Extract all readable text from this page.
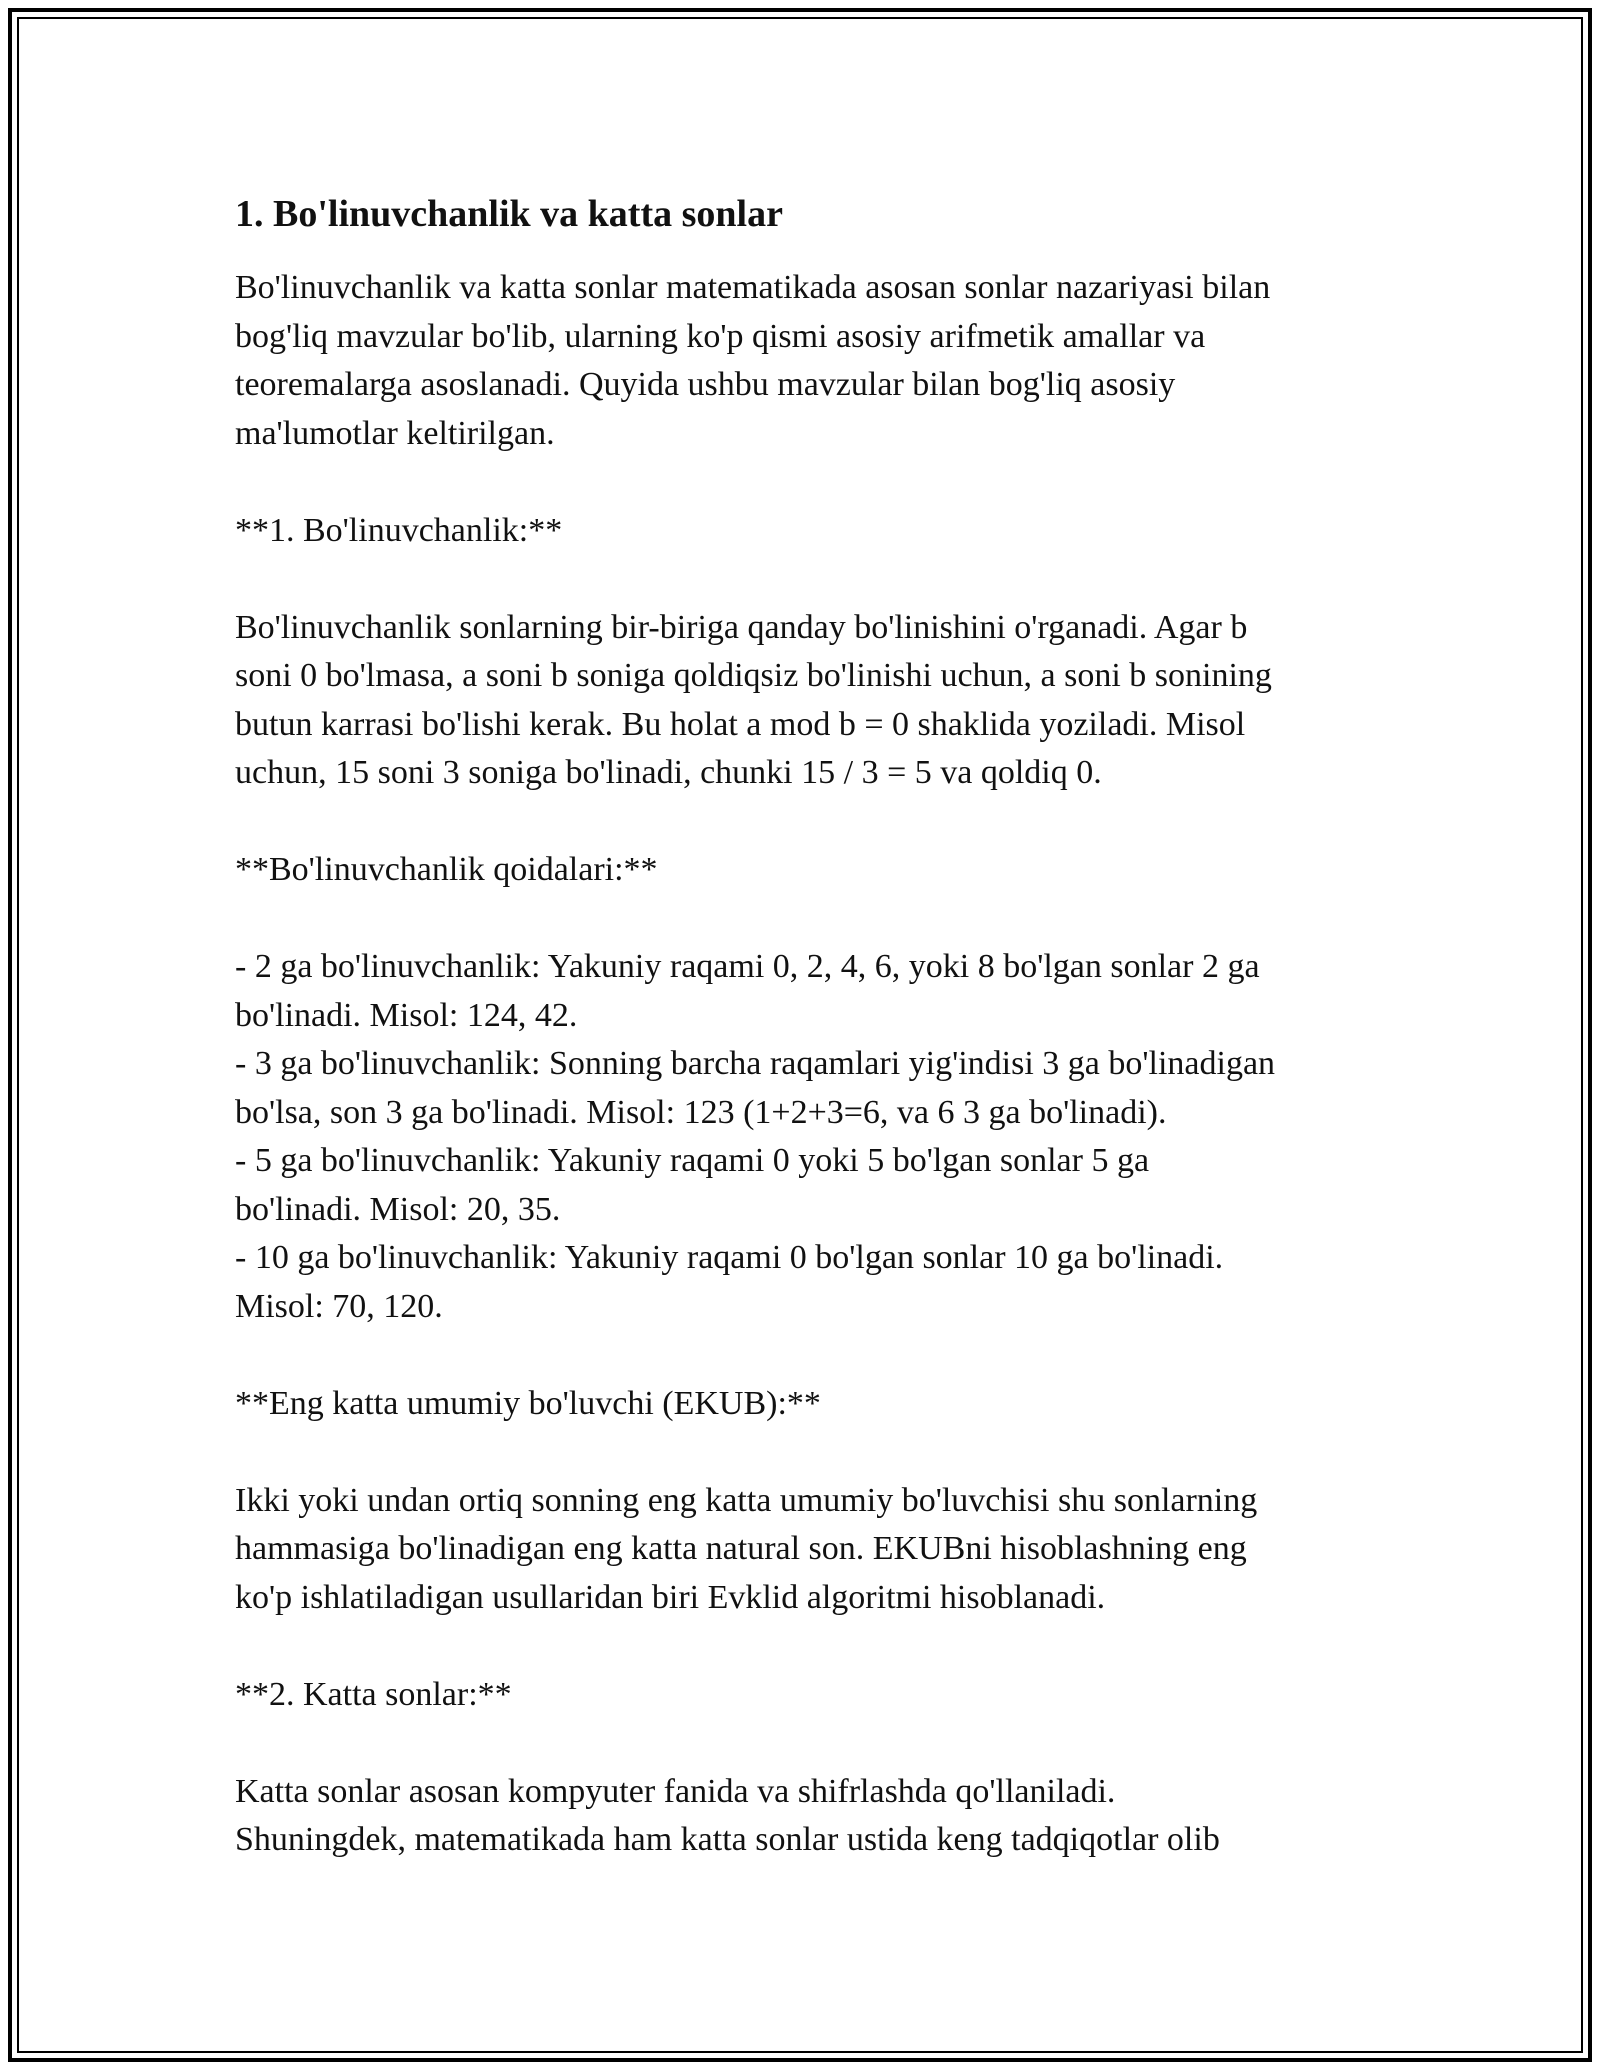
1. Bo'linuvchanlik va katta sonlar
Bo'linuvchanlik va katta sonlar matematikada asosan sonlar nazariyasi bilan
bog'liq mavzular bo'lib, ularning ko'p qismi asosiy arifmetik amallar va
teoremalarga asoslanadi. Quyida ushbu mavzular bilan bog'liq asosiy
ma'lumotlar keltirilgan.
**1. Bo'linuvchanlik:**
Bo'linuvchanlik sonlarning bir-biriga qanday bo'linishini o'rganadi. Agar b
soni 0 bo'lmasa, a soni b soniga qoldiqsiz bo'linishi uchun, a soni b sonining
butun karrasi bo'lishi kerak. Bu holat a mod b = 0 shaklida yoziladi. Misol
uchun, 15 soni 3 soniga bo'linadi, chunki 15 / 3 = 5 va qoldiq 0.
**Bo'linuvchanlik qoidalari:**
- 2 ga bo'linuvchanlik: Yakuniy raqami 0, 2, 4, 6, yoki 8 bo'lgan sonlar 2 ga
bo'linadi. Misol: 124, 42.
- 3 ga bo'linuvchanlik: Sonning barcha raqamlari yig'indisi 3 ga bo'linadigan
bo'lsa, son 3 ga bo'linadi. Misol: 123 (1+2+3=6, va 6 3 ga bo'linadi).
- 5 ga bo'linuvchanlik: Yakuniy raqami 0 yoki 5 bo'lgan sonlar 5 ga
bo'linadi. Misol: 20, 35.
- 10 ga bo'linuvchanlik: Yakuniy raqami 0 bo'lgan sonlar 10 ga bo'linadi.
Misol: 70, 120.
**Eng katta umumiy bo'luvchi (EKUB):**
Ikki yoki undan ortiq sonning eng katta umumiy bo'luvchisi shu sonlarning
hammasiga bo'linadigan eng katta natural son. EKUBni hisoblashning eng
ko'p ishlatiladigan usullaridan biri Evklid algoritmi hisoblanadi.
**2. Katta sonlar:**
Katta sonlar asosan kompyuter fanida va shifrlashda qo'llaniladi.
Shuningdek, matematikada ham katta sonlar ustida keng tadqiqotlar olib
